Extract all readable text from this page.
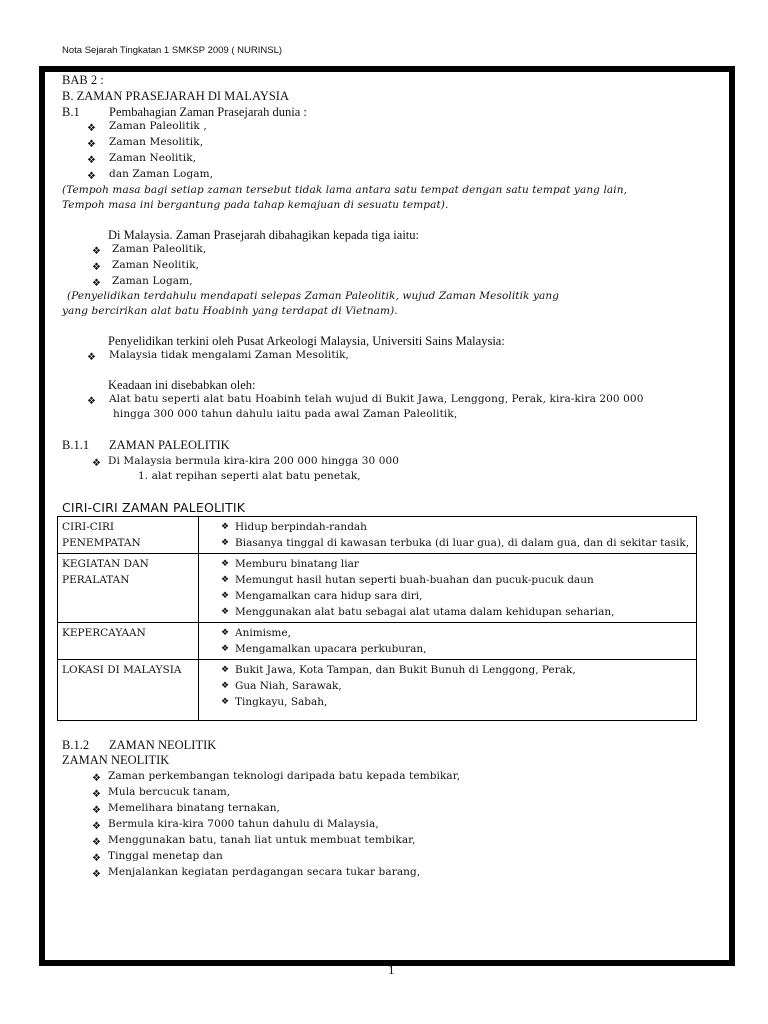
Nota Sejarah Tingkatan 1 SMKSP 2009 ( NURINSL)
BAB 2 :
B. ZAMAN PRASEJARAH DI MALAYSIA
B.1 Pembahagian Zaman Prasejarah dunia :
❖ Zaman Paleolitik ,
❖ Zaman Mesolitik,
❖ Zaman Neolitik,
❖ dan Zaman Logam,
(Tempoh masa bagi setiap zaman tersebut tidak lama antara satu tempat dengan satu tempat yang lain,
Tempoh masa ini bergantung pada tahap kemajuan di sesuatu tempat).
Di Malaysia. Zaman Prasejarah dibahagikan kepada tiga iaitu:
❖ Zaman Paleolitik,
❖ Zaman Neolitik,
❖ Zaman Logam,
(Penyelidikan terdahulu mendapati selepas Zaman Paleolitik, wujud Zaman Mesolitik yang
yang bercirikan alat batu Hoabinh yang terdapat di Vietnam).
Penyelidikan terkini oleh Pusat Arkeologi Malaysia, Universiti Sains Malaysia:
❖ Malaysia tidak mengalami Zaman Mesolitik,
Keadaan ini disebabkan oleh:
❖ Alat batu seperti alat batu Hoabinh telah wujud di Bukit Jawa, Lenggong, Perak, kira-kira 200 000
hingga 300 000 tahun dahulu iaitu pada awal Zaman Paleolitik,
B.1.1 ZAMAN PALEOLITIK
❖ Di Malaysia bermula kira-kira 200 000 hingga 30 000
1. alat repihan seperti alat batu penetak,
CIRI-CIRI ZAMAN PALEOLITIK
CIRI-CIRI PENEMPATAN	❖ Hidup berpindah-randah
❖ Biasanya tinggal di kawasan terbuka (di luar gua), di dalam gua, dan di sekitar tasik,

KEGIATAN DAN PERALATAN	❖ Memburu binatang liar
❖ Memungut hasil hutan seperti buah-buahan dan pucuk-pucuk daun
❖ Mengamalkan cara hidup sara diri,
❖ Menggunakan alat batu sebagai alat utama dalam kehidupan seharian,

KEPERCAYAAN	❖ Animisme,
❖ Mengamalkan upacara perkuburan,

LOKASI DI MALAYSIA	❖ Bukit Jawa, Kota Tampan, dan Bukit Bunuh di Lenggong, Perak,
❖ Gua Niah, Sarawak,
❖ Tingkayu, Sabah,
B.1.2 ZAMAN NEOLITIK
ZAMAN NEOLITIK
❖ Zaman perkembangan teknologi daripada batu kepada tembikar,
❖ Mula bercucuk tanam,
❖ Memelihara binatang ternakan,
❖ Bermula kira-kira 7000 tahun dahulu di Malaysia,
❖ Menggunakan batu, tanah liat untuk membuat tembikar,
❖ Tinggal menetap dan
❖ Menjalankan kegiatan perdagangan secara tukar barang,
1
